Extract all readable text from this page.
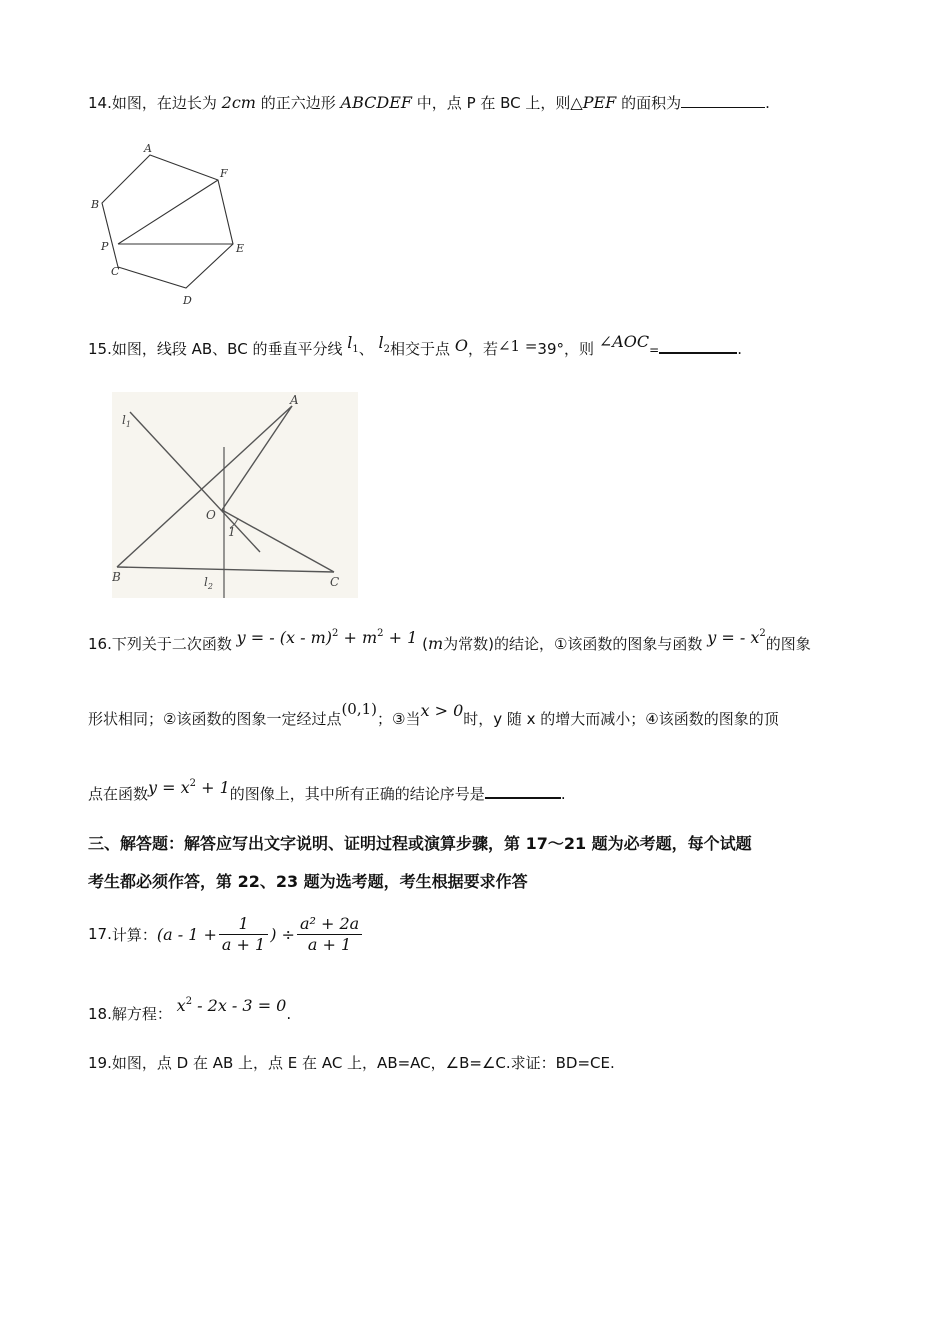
14.如图，在边长为 2cm 的正六边形 ABCDEF 中，点 P 在 BC 上，则△PEF 的面积为	.
A
F
B
P	E
C
D
15.如图，线段 AB、BC 的垂直平分线 $l_1$、 $l_2$相交于点 O，若∠1 =39°，则 ∠AOC=	.
A
O
1
B	C
$l_1$
$l_2$
16.下列关于二次函数 y = - $(x - m)^2 + m^2 + 1$ (m为常数)的结论，①该函数的图象与函数 y = - $x^2$的图象
形状相同；②该函数的图象一定经过点(0,1)；③当x > 0时，y 随 x 的增大而减小；④该函数的图象的顶
点在函数$y = x^2 + 1$的图像上，其中所有正确的结论序号是	.
三、解答题：解答应写出文字说明、证明过程或演算步骤，第 17～21 题为必考题，每个试题
考生都必须作答，第 22、23 题为选考题，考生根据要求作答
17. 计算： ($a - 1 + \frac{1}{a + 1}$ ) ÷ $\frac{\text{a² + 2a}}{a + 1}$
18.解方程： $x^2 - 2x - 3 = 0$.
19.如图，点 D 在 AB 上，点 E 在 AC 上，AB=AC，∠B=∠C.求证：BD=CE.
